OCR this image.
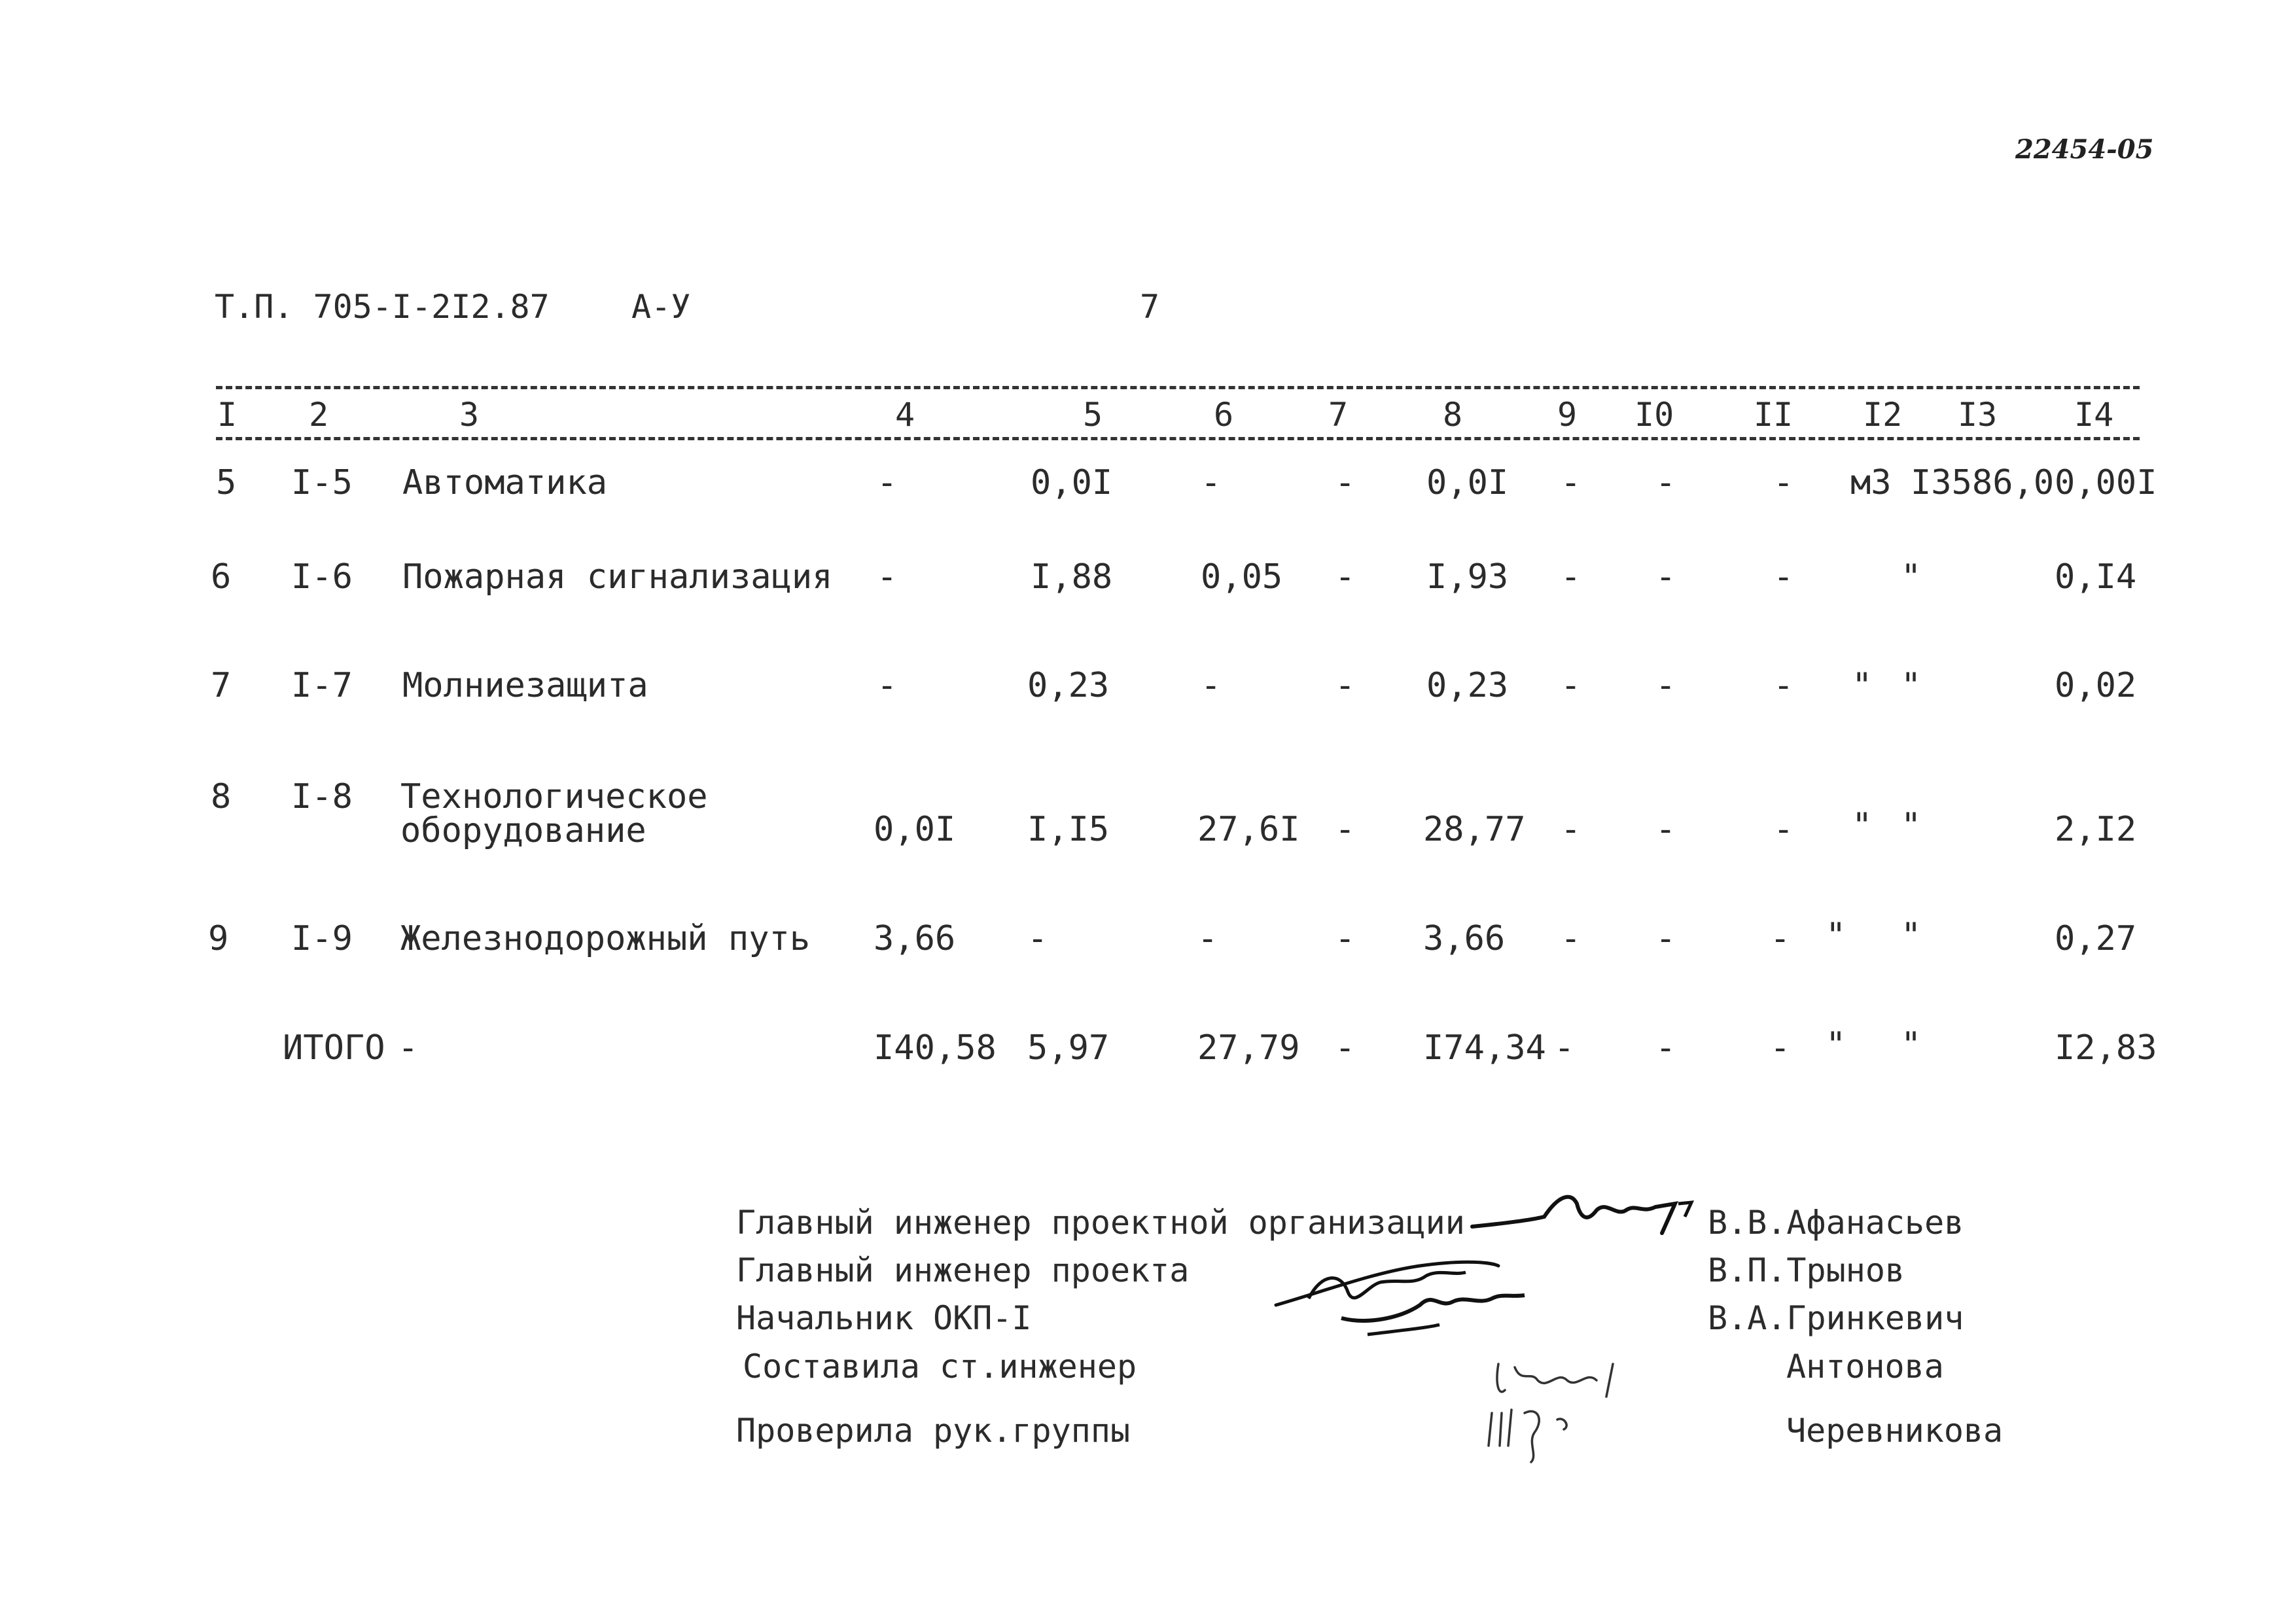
22454-05
Т.П. 705-I-2I2.87	А-У	7
I 2	3	4	5	6	7	8	9 I0 II I2 I3 I4
5 I-5 Автоматика	-	0,0I	-	- 0,0I - -	- м3 I3586,0 0,00I
6 I-6 Пожарная сигнализация -	I,88	0,05 - I,93 - -	-	"	0,I4
7 I-7 Молниезащита	-	0,23	-	- 0,23 - -	- " "	0,02
8 I-8 Технологическое
оборудование	0,0I I,I5	27,6I - 28,77 - -	- " "	2,I2
9 I-9 Железнодорожный путь 3,66 -	-	- 3,66 - -	- " "	0,27
ИТОГО -	I40,58 5,97	27,79 - I74,34 - -	- " "	I2,83
Главный инженер проектной организации	В.В.Афанасьев
Главный инженер проекта	В.П.Трынов
Начальник ОКП-I	В.А.Гринкевич
Составила ст.инженер	Антонова
Проверила рук.группы	Черевникова
